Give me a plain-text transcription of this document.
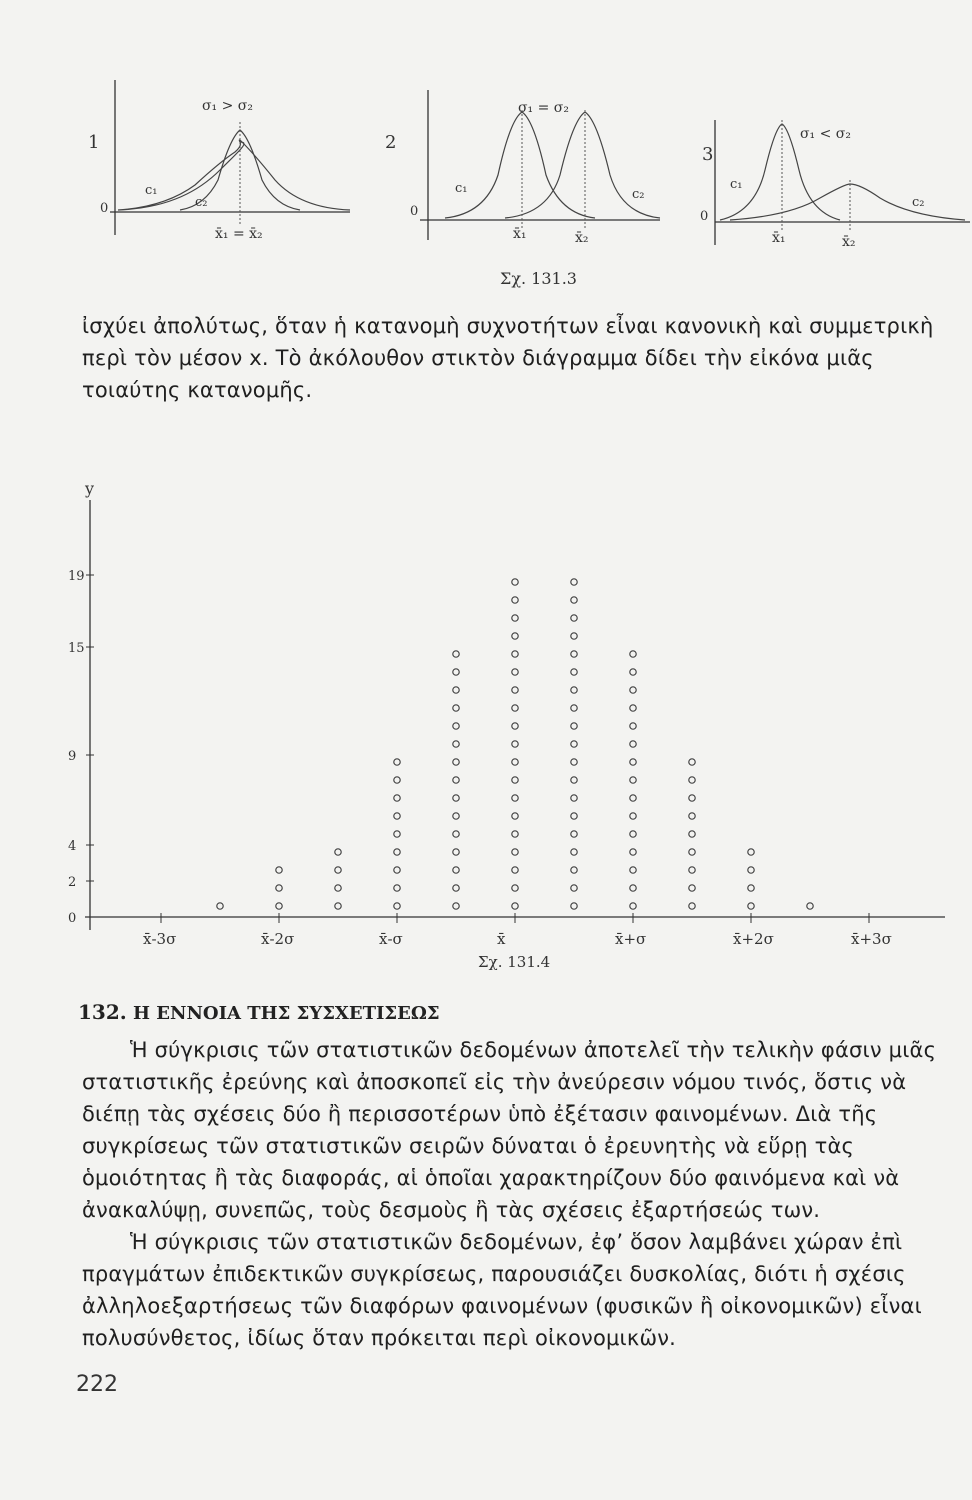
1
0
σ₁ > σ₂
c₁
c₂
x̄₁ = x̄₂
2
0
σ₁ = σ₂
c₁	c₂
x̄₁	x̄₂
3
0
σ₁ < σ₂
c₁
c₂
x̄₁	x̄₂
Σχ. 131.3
ἰσχύει ἀπολύτως, ὅταν ἡ κατανομὴ συχνοτήτων εἶναι κανονικὴ καὶ συμμετρικὴ περὶ τὸν μέσον x. Τὸ ἀκόλουθον στικτὸν διάγραμμα δίδει τὴν εἰκόνα μιᾶς τοιαύτης κατανομῆς.
y
0
2
4
9
15
19
x̄-3σ	x̄-2σ	x̄-σ	x̄	x̄+σ	x̄+2σ	x̄+3σ
Σχ. 131.4
132. Η ΕΝΝΟΙΑ ΤΗΣ ΣΥΣΧΕΤΙΣΕΩΣ
Ἡ σύγκρισις τῶν στατιστικῶν δεδομένων ἀποτελεῖ τὴν τελικὴν φάσιν μιᾶς στατιστικῆς ἐρεύνης καὶ ἀποσκοπεῖ εἰς τὴν ἀνεύρεσιν νόμου τινός, ὅστις νὰ διέπῃ τὰς σχέσεις δύο ἢ περισσοτέρων ὑπὸ ἐξέτασιν φαινομένων. Διὰ τῆς συγκρίσεως τῶν στατιστικῶν σειρῶν δύναται ὁ ἐρευνητὴς νὰ εὕρῃ τὰς ὁμοιότητας ἢ τὰς διαφοράς, αἱ ὁποῖαι χαρακτηρίζουν δύο φαινόμενα καὶ νὰ ἀνακαλύψῃ, συνεπῶς, τοὺς δεσμοὺς ἢ τὰς σχέσεις ἐξαρτήσεώς των.
Ἡ σύγκρισις τῶν στατιστικῶν δεδομένων, ἐφ’ ὅσον λαμβάνει χώραν ἐπὶ πραγμάτων ἐπιδεκτικῶν συγκρίσεως, παρουσιάζει δυσκολίας, διότι ἡ σχέσις ἀλληλοεξαρτήσεως τῶν διαφόρων φαινομένων (φυσικῶν ἢ οἰκονομικῶν) εἶναι πολυσύνθετος, ἰδίως ὅταν πρόκειται περὶ οἰκονομικῶν.
222
